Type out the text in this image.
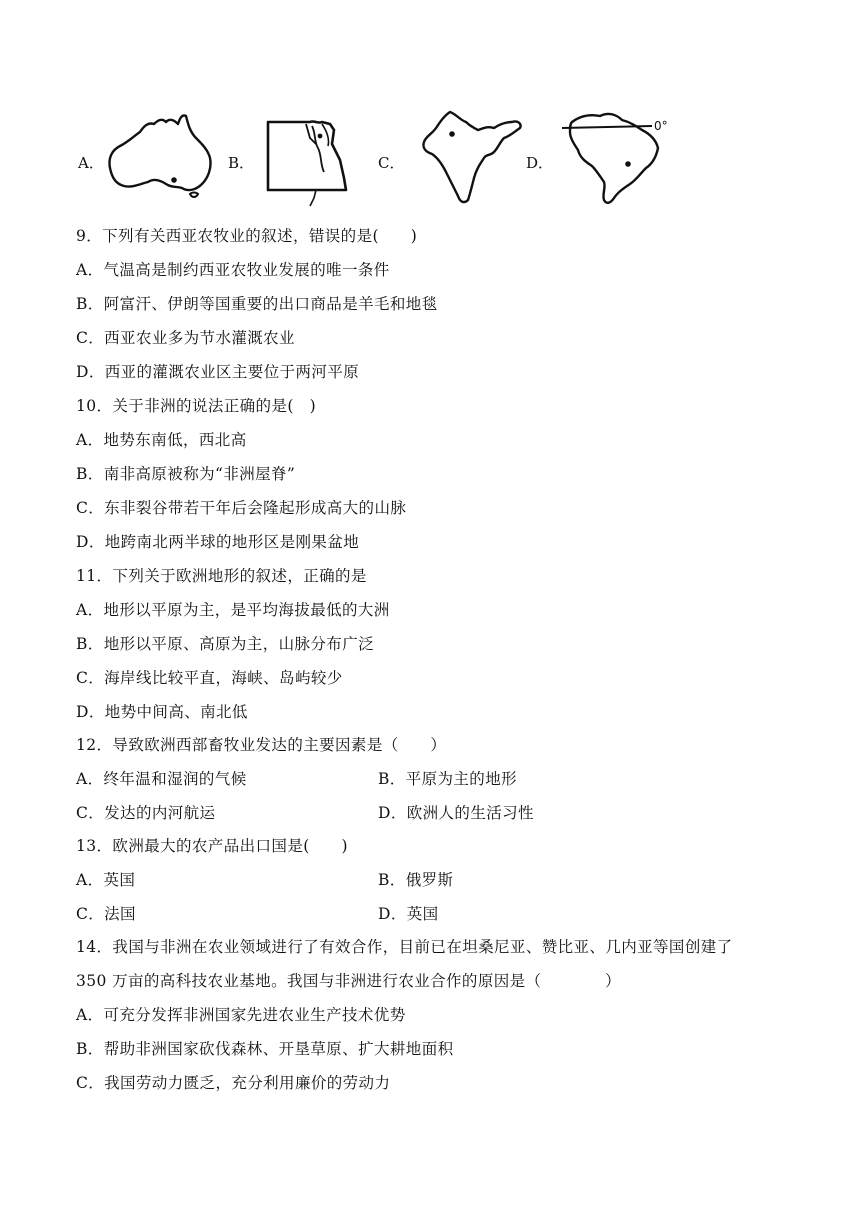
A．	B．	C．	D．
0°
9．下列有关西亚农牧业的叙述，错误的是(　　)
A．气温高是制约西亚农牧业发展的唯一条件
B．阿富汗、伊朗等国重要的出口商品是羊毛和地毯
C．西亚农业多为节水灌溉农业
D．西亚的灌溉农业区主要位于两河平原
10．关于非洲的说法正确的是(　)
A．地势东南低，西北高
B．南非高原被称为“非洲屋脊”
C．东非裂谷带若干年后会隆起形成高大的山脉
D．地跨南北两半球的地形区是刚果盆地
11．下列关于欧洲地形的叙述，正确的是
A．地形以平原为主，是平均海拔最低的大洲
B．地形以平原、高原为主，山脉分布广泛
C．海岸线比较平直，海峡、岛屿较少
D．地势中间高、南北低
12．导致欧洲西部畜牧业发达的主要因素是（　　）
A．终年温和湿润的气候	B．平原为主的地形
C．发达的内河航运	D．欧洲人的生活习性
13．欧洲最大的农产品出口国是(　　)
A．英国	B．俄罗斯
C．法国	D．英国
14．我国与非洲在农业领域进行了有效合作，目前已在坦桑尼亚、赞比亚、几内亚等国创建了
350 万亩的高科技农业基地。我国与非洲进行农业合作的原因是（　　　　）
A．可充分发挥非洲国家先进农业生产技术优势
B．帮助非洲国家砍伐森林、开垦草原、扩大耕地面积
C．我国劳动力匮乏，充分利用廉价的劳动力
